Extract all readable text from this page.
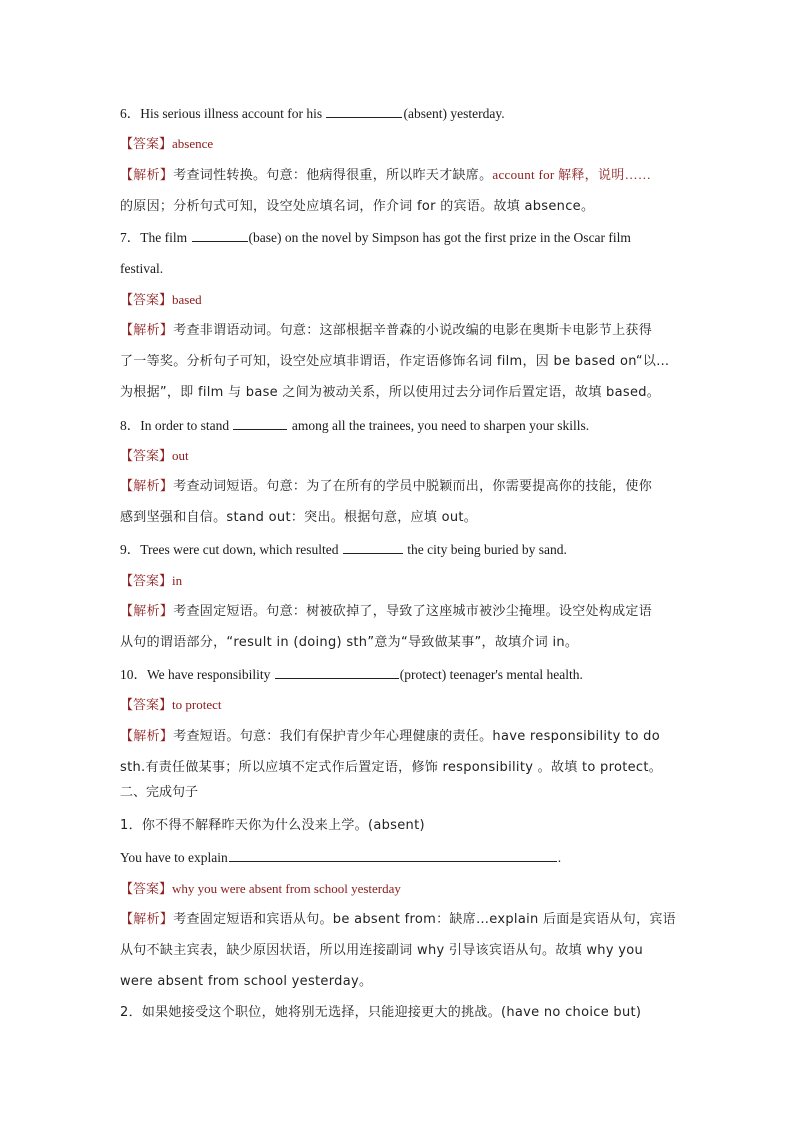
6．His serious illness account for his	(absent) yesterday.
【答案】absence
【解析】考查词性转换。句意：他病得很重，所以昨天才缺席。account for 解释，说明……
的原因；分析句式可知，设空处应填名词，作介词 for 的宾语。故填 absence。
7．The film	(base) on the novel by Simpson has got the first prize in the Oscar film
festival.
【答案】based
【解析】考查非谓语动词。句意：这部根据辛普森的小说改编的电影在奥斯卡电影节上获得
了一等奖。分析句子可知，设空处应填非谓语，作定语修饰名词 film，因 be based on“以…
为根据”，即 film 与 base 之间为被动关系，所以使用过去分词作后置定语，故填 based。
8．In order to stand	among all the trainees, you need to sharpen your skills.
【答案】out
【解析】考查动词短语。句意：为了在所有的学员中脱颖而出，你需要提高你的技能，使你
感到坚强和自信。stand out：突出。根据句意，应填 out。
9．Trees were cut down, which resulted	the city being buried by sand.
【答案】in
【解析】考查固定短语。句意：树被砍掉了，导致了这座城市被沙尘掩埋。设空处构成定语
从句的谓语部分，“result in (doing) sth”意为“导致做某事”，故填介词 in。
10．We have responsibility	(protect) teenager's mental health.
【答案】to protect
【解析】考查短语。句意：我们有保护青少年心理健康的责任。have responsibility to do
sth.有责任做某事；所以应填不定式作后置定语，修饰 responsibility 。故填 to protect。
二、完成句子
1．你不得不解释昨天你为什么没来上学。(absent)
You have to explain	.
【答案】why you were absent from school yesterday
【解析】考查固定短语和宾语从句。be absent from：缺席…explain 后面是宾语从句，宾语
从句不缺主宾表，缺少原因状语，所以用连接副词 why 引导该宾语从句。故填 why you
were absent from school yesterday。
2．如果她接受这个职位，她将别无选择，只能迎接更大的挑战。(have no choice but)
